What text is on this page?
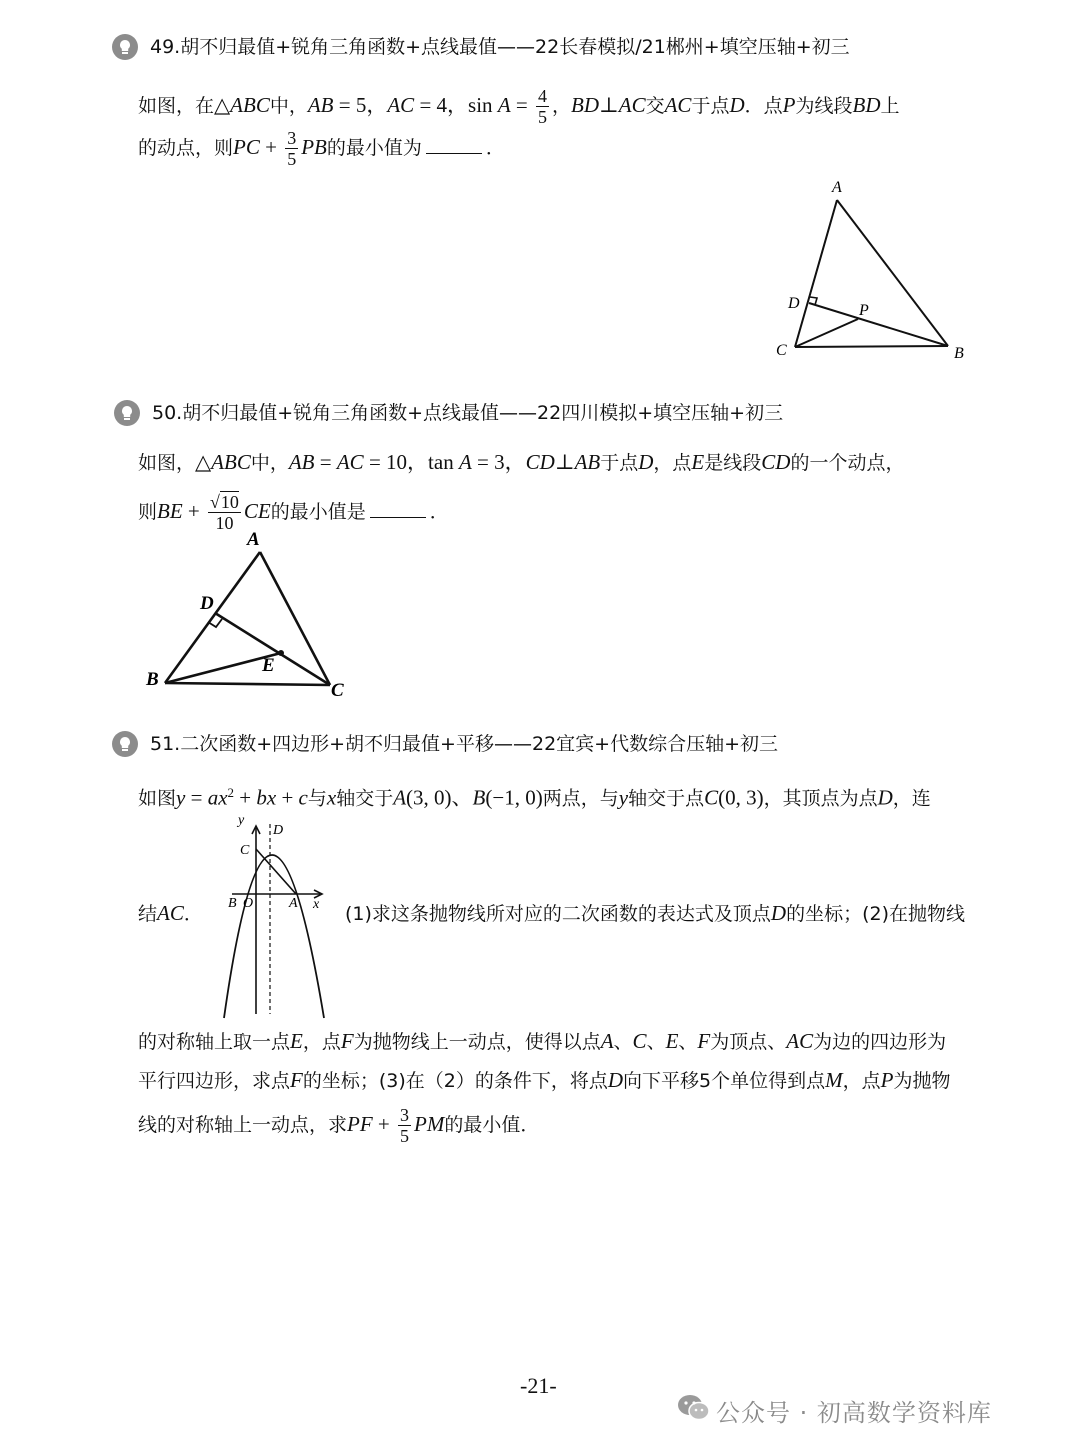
49.胡不归最值+锐角三角函数+点线最值——22长春模拟/21郴州+填空压轴+初三
如图，在△ABC中，AB = 5，AC = 4，$\sin A = \frac{4}{5}$ ，BD⊥AC交AC于点D．点P为线段BD上
的动点，则PC + $\frac{3}{5}$ PB的最小值为	．
A
B
C
D	P
50.胡不归最值+锐角三角函数+点线最值——22四川模拟+填空压轴+初三
如图，△ABC中，AB = AC = 10，tan A = 3，CD⊥AB于点D，点E是线段CD的一个动点，
则BE + $\frac{√10}{10}$ CE的最小值是	．
A
B
C
D
E
51.二次函数+四边形+胡不归最值+平移——22宜宾+代数综合压轴+初三
如图$y = ax^2$ + bx + c与x轴交于A(3, 0)、B(−1, 0)两点，与y轴交于点C(0, 3)，其顶点为点D，连
结AC．
y
x
C
D
B O	A (1)求这条抛物线所对应的二次函数的表达式及顶点D的坐标；(2)在抛物线
的对称轴上取一点E，点F为抛物线上一动点，使得以点A、C、E、F为顶点、AC为边的四边形为
平行四边形，求点F的坐标；(3)在（2）的条件下，将点D向下平移5个单位得到点M，点P为抛物
线的对称轴上一动点，求PF + $\frac{3}{5}$ PM的最小值．
-21-
公众号 · 初高数学资料库
